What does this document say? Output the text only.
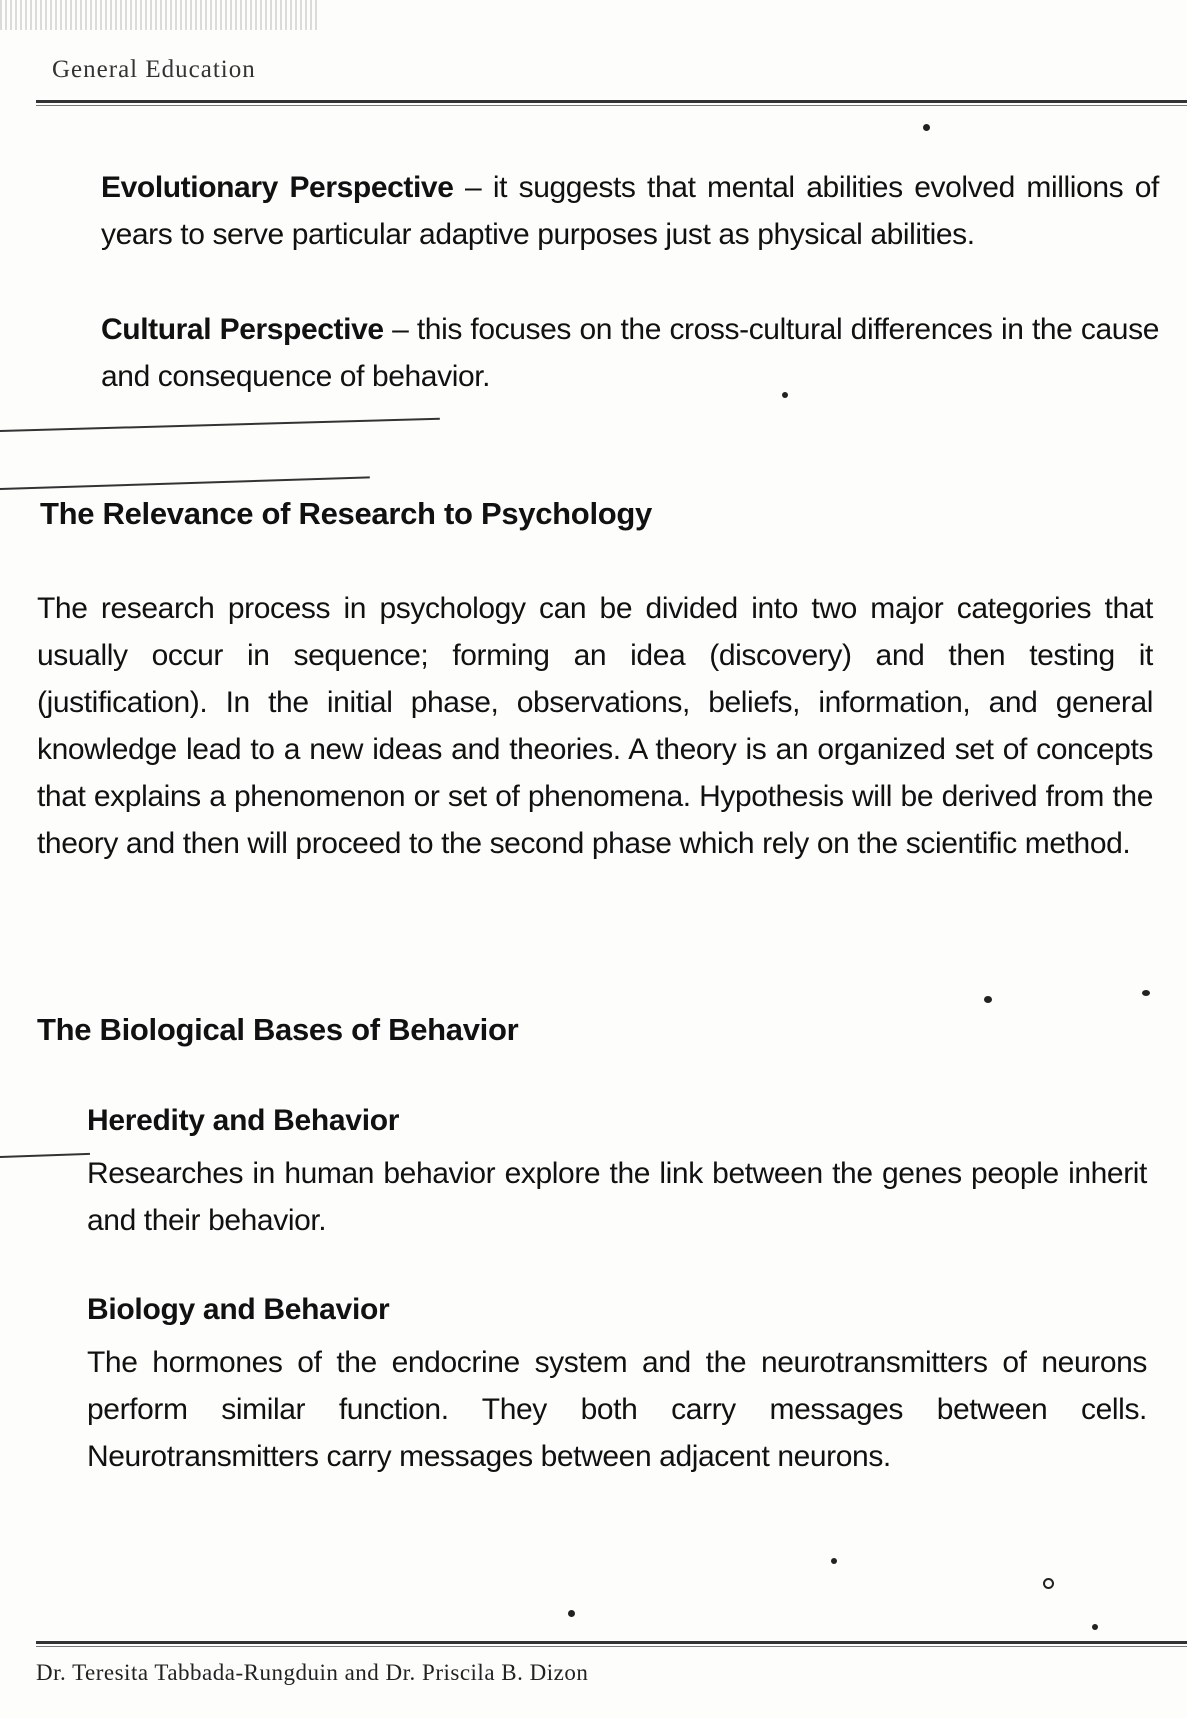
General Education
Evolutionary Perspective – it suggests that mental abilities evolved millions of years to serve particular adaptive purposes just as physical abilities.
Cultural Perspective – this focuses on the cross-cultural differences in the cause and consequence of behavior.
The Relevance of Research to Psychology
The research process in psychology can be divided into two major categories that usually occur in sequence; forming an idea (discovery) and then testing it (justification). In the initial phase, observations, beliefs, information, and general knowledge lead to a new ideas and theories. A theory is an organized set of concepts that explains a phenomenon or set of phenomena. Hypothesis will be derived from the theory and then will proceed to the second phase which rely on the scientific method.
The Biological Bases of Behavior
Heredity and Behavior
Researches in human behavior explore the link between the genes people inherit and their behavior.
Biology and Behavior
The hormones of the endocrine system and the neurotransmitters of neurons perform similar function. They both carry messages between cells. Neurotransmitters carry messages between adjacent neurons.
Dr. Teresita Tabbada-Rungduin and Dr. Priscila B. Dizon
